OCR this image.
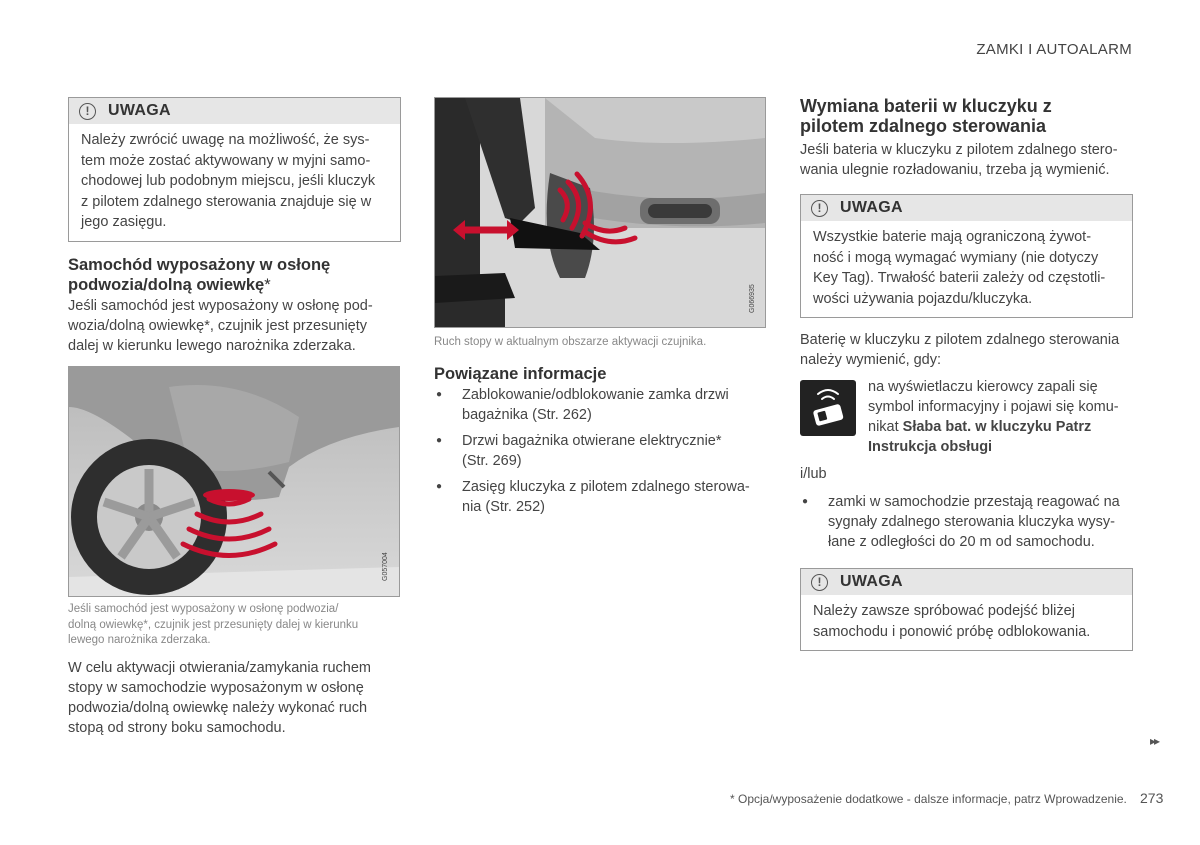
ZAMKI I AUTOALARM
!	UWAGA
Należy zwrócić uwagę na możliwość, że sys-
tem może zostać aktywowany w myjni samo-
chodowej lub podobnym miejscu, jeśli kluczyk
z pilotem zdalnego sterowania znajduje się w
jego zasięgu.
Samochód wyposażony w osłonę
podwozia/dolną owiewkę*
Jeśli samochód jest wyposażony w osłonę pod-
wozia/dolną owiewkę*, czujnik jest przesunięty
dalej w kierunku lewego narożnika zderzaka.
G057004
Jeśli samochód jest wyposażony w osłonę podwozia/
dolną owiewkę*, czujnik jest przesunięty dalej w kierunku
lewego narożnika zderzaka.
W celu aktywacji otwierania/zamykania ruchem
stopy w samochodzie wyposażonym w osłonę
podwozia/dolną owiewkę należy wykonać ruch
stopą od strony boku samochodu.
G066935
Ruch stopy w aktualnym obszarze aktywacji czujnika.
Powiązane informacje
● Zablokowanie/odblokowanie zamka drzwi
bagażnika (Str. 262)
● Drzwi bagażnika otwierane elektrycznie*
(Str. 269)
● Zasięg kluczyka z pilotem zdalnego sterowa-
nia (Str. 252)
Wymiana baterii w kluczyku z
pilotem zdalnego sterowania
Jeśli bateria w kluczyku z pilotem zdalnego stero-
wania ulegnie rozładowaniu, trzeba ją wymienić.
!	UWAGA
Wszystkie baterie mają ograniczoną żywot-
ność i mogą wymagać wymiany (nie dotyczy
Key Tag). Trwałość baterii zależy od częstotli-
wości używania pojazdu/kluczyka.
Baterię w kluczyku z pilotem zdalnego sterowania
należy wymienić, gdy:
na wyświetlaczu kierowcy zapali się
symbol informacyjny i pojawi się komu-
nikat Słaba bat. w kluczyku Patrz
Instrukcja obsługi
i/lub
● zamki w samochodzie przestają reagować na
sygnały zdalnego sterowania kluczyka wysy-
łane z odległości do 20 m od samochodu.
!	UWAGA
Należy zawsze spróbować podejść bliżej
samochodu i ponowić próbę odblokowania.
▸▸
* Opcja/wyposażenie dodatkowe - dalsze informacje, patrz Wprowadzenie. 273
